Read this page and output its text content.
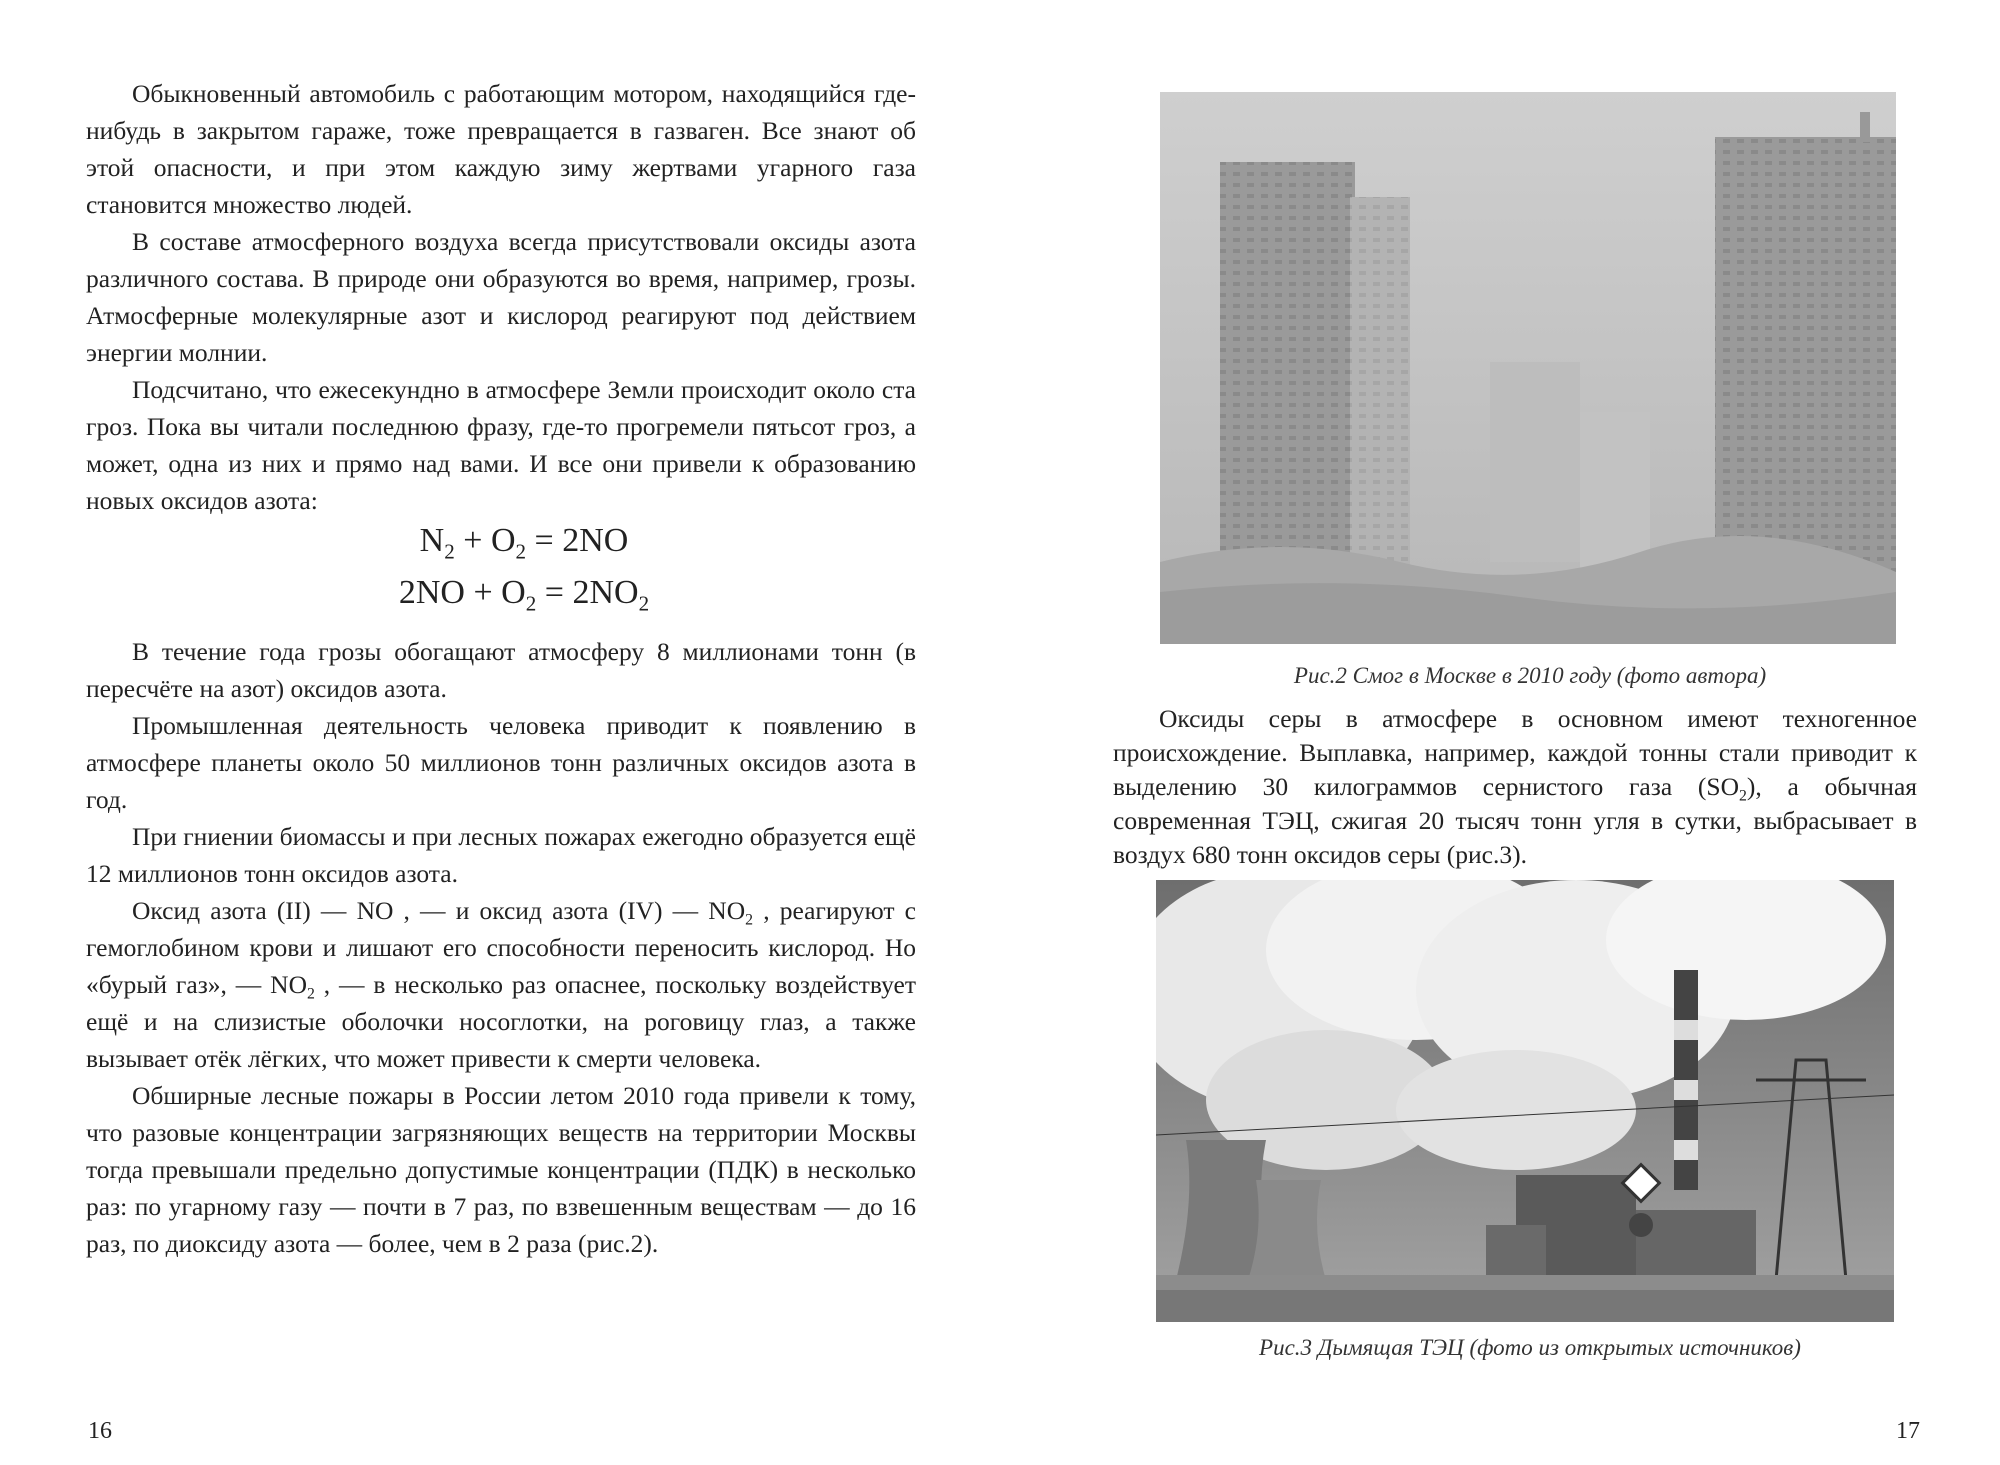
Обыкновенный автомобиль с работающим мотором, находящийся где-нибудь в закрытом гараже, тоже превращается в газваген. Все знают об этой опасности, и при этом каждую зиму жертвами угарного газа становится множество людей.

В составе атмосферного воздуха всегда присутствовали оксиды азота различного состава. В природе они образуются во время, например, грозы. Атмосферные молекулярные азот и кислород реагируют под действием энергии молнии.

Подсчитано, что ежесекундно в атмосфере Земли происходит около ста гроз. Пока вы читали последнюю фразу, где-то прогремели пятьсот гроз, а может, одна из них и прямо над вами. И все они привели к образованию новых оксидов азота:

$N_2 + O_2 = 2NO$

$2NO + O_2 = 2NO_2$

В течение года грозы обогащают атмосферу 8 миллионами тонн (в пересчёте на азот) оксидов азота.

Промышленная деятельность человека приводит к появлению в атмосфере планеты около 50 миллионов тонн различных оксидов азота в год.

При гниении биомассы и при лесных пожарах ежегодно образуется ещё 12 миллионов тонн оксидов азота.

Оксид азота (II) — NO , — и оксид азота (IV) — $NO_2$ , реагируют с гемоглобином крови и лишают его способности переносить кислород. Но «бурый газ», — $NO_2$ , — в несколько раз опаснее, поскольку воздействует ещё и на слизистые оболочки носоглотки, на роговицу глаз, а также вызывает отёк лёгких, что может привести к смерти человека.

Обширные лесные пожары в России летом 2010 года привели к тому, что разовые концентрации загрязняющих веществ на территории Москвы тогда превышали предельно допустимые концентрации (ПДК) в несколько раз: по угарному газу — почти в 7 раз, по взвешенным веществам — до 16 раз, по диоксиду азота — более, чем в 2 раза (рис.2).

16
Рис.2 Смог в Москве в 2010 году (фото автора)

Оксиды серы в атмосфере в основном имеют техногенное происхождение. Выплавка, например, каждой тонны стали приводит к выделению 30 килограммов сернистого газа $(SO_2)$, а обычная современная ТЭЦ, сжигая 20 тысяч тонн угля в сутки, выбрасывает в воздух 680 тонн оксидов серы (рис.3).

Рис.3 Дымящая ТЭЦ (фото из открытых источников)
17
